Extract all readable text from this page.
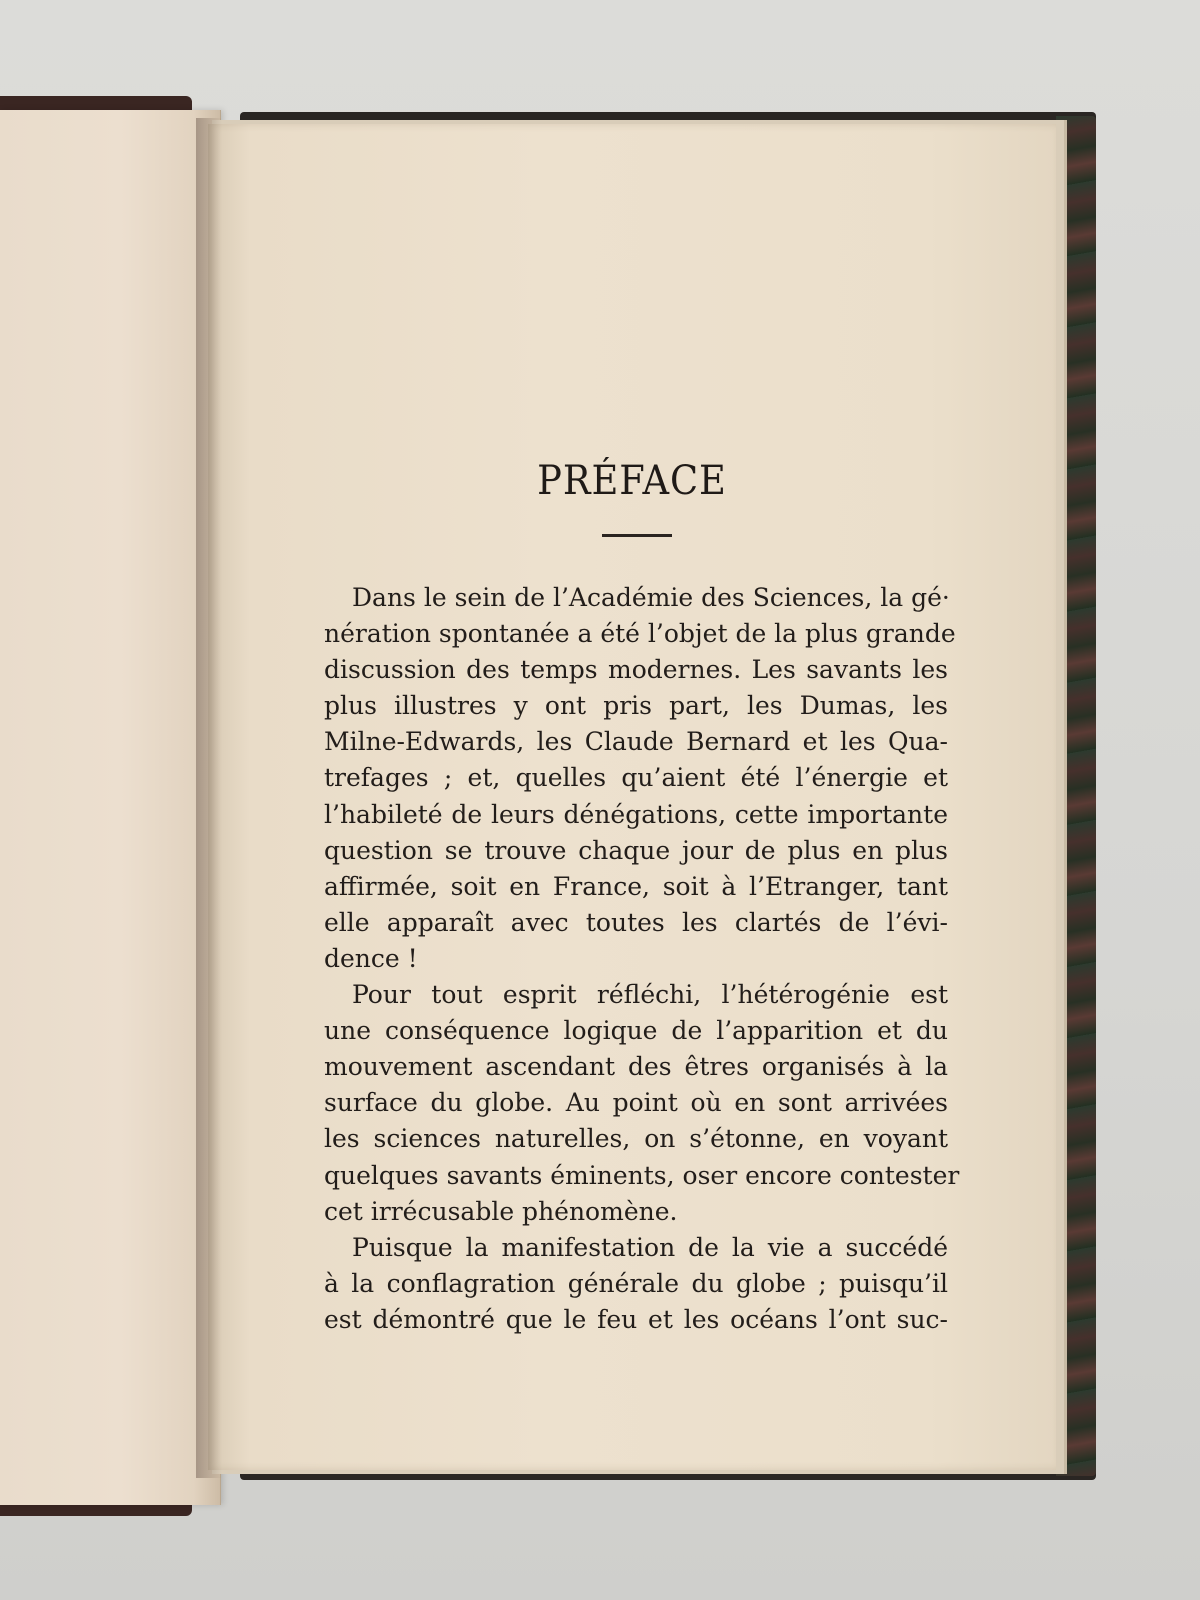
PRÉFACE
Dans le sein de l’Académie des Sciences, la gé·
nération spontanée a été l’objet de la plus grande
discussion des temps modernes. Les savants les
plus illustres y ont pris part, les Dumas, les
Milne-Edwards, les Claude Bernard et les Qua-
trefages ; et, quelles qu’aient été l’énergie et
l’habileté de leurs dénégations, cette importante
question se trouve chaque jour de plus en plus
affirmée, soit en France, soit à l’Etranger, tant
elle apparaît avec toutes les clartés de l’évi-
dence !
Pour tout esprit réfléchi, l’hétérogénie est
une conséquence logique de l’apparition et du
mouvement ascendant des êtres organisés à la
surface du globe. Au point où en sont arrivées
les sciences naturelles, on s’étonne, en voyant
quelques savants éminents, oser encore contester
cet irrécusable phénomène.
Puisque la manifestation de la vie a succédé
à la conflagration générale du globe ; puisqu’il
est démontré que le feu et les océans l’ont suc-
